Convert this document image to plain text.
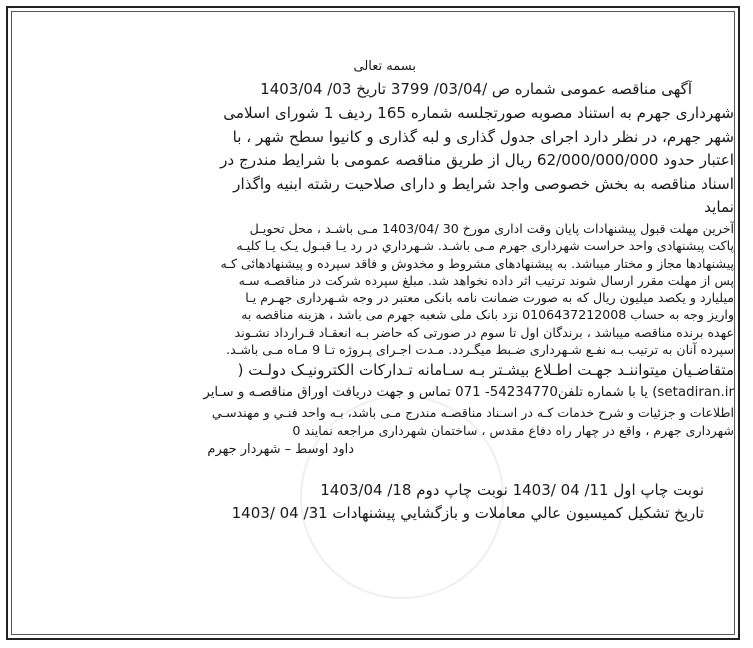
بسمه تعالی
آگهی مناقصه عمومی شماره ص /03/04/ 3799 تاریخ 03/ 1403/04
شهرداری جهرم به استناد مصوبه صورتجلسه شماره 165 ردیف 1 شورای اسلامی
شهر جهرم، در نظر دارد اجرای جدول گذاری و لبه گذاری و کانیوا سطح شهر ، با
اعتبار حدود 62/000/000/000 ریال از طریق مناقصه عمومی با شرایط مندرج در
اسناد مناقصه به بخش خصوصی واجد شرایط و دارای صلاحیت رشته ابنیه واگذار
نماید
آخرین مهلت قبول پیشنهادات پایان وقت اداری مورخ 30 /1403/04 مـی باشـد ، محل تحویـل
پاکت پیشنهادی واحد حراست شهرداری جهرم مـی باشـد. شـهرداري در رد یـا قبـول یـک یـا کلیـه
پیشنهادها مجاز و مختار میباشد. به پیشنهادهای مشروط و مخدوش و فاقد سپرده و پیشنهادهائی کـه
پس از مهلت مقرر ارسال شوند ترتیب اثر داده نخواهد شد. مبلغ سپرده شرکت در مناقصـه سـه
میلیارد و یکصد میلیون ریال که به صورت ضمانت نامه بانکی معتبر در وجه شـهرداری جهـرم یـا
واریز وجه به حساب 0106437212008 نزد بانک ملی شعبه جهرم می باشد ، هزینه مناقصه به
عهده برنده مناقصه میباشد ، برندگان اول تا سوم در صورتی که حاضر بـه انعقـاد قـرارداد نشـوند
سپرده آنان به ترتیب بـه نفـع شـهرداری ضـبط میگـردد. مـدت اجـرای پـروژه تـا 9 مـاه مـی باشـد.
متقاضـیان میتواننـد جهـت اطـلاع بیشـتر بـه سـامانه تـدارکات الکترونیـک دولـت (
setadiran.ir) یا با شماره تلفن54234770- 071 تماس و جهت دریافت اوراق مناقصـه و سـایر
اطلاعات و جزئیات و شرح خدمات کـه در اسـناد مناقصـه مندرج مـی باشد، بـه واحد فنـي و مهندسـي
شهرداری جهرم ، واقع در چهار راه دفاع مقدس ، ساختمان شهرداری مراجعه نمایند 0
داود اوسط – شهردار جهرم
نوبت چاپ اول 11/ 04 /1403 نوبت چاپ دوم 18/ 1403/04
تاریخ تشکیل کمیسیون عالي معاملات و بازگشايي پیشنهادات 31/ 04 /1403
